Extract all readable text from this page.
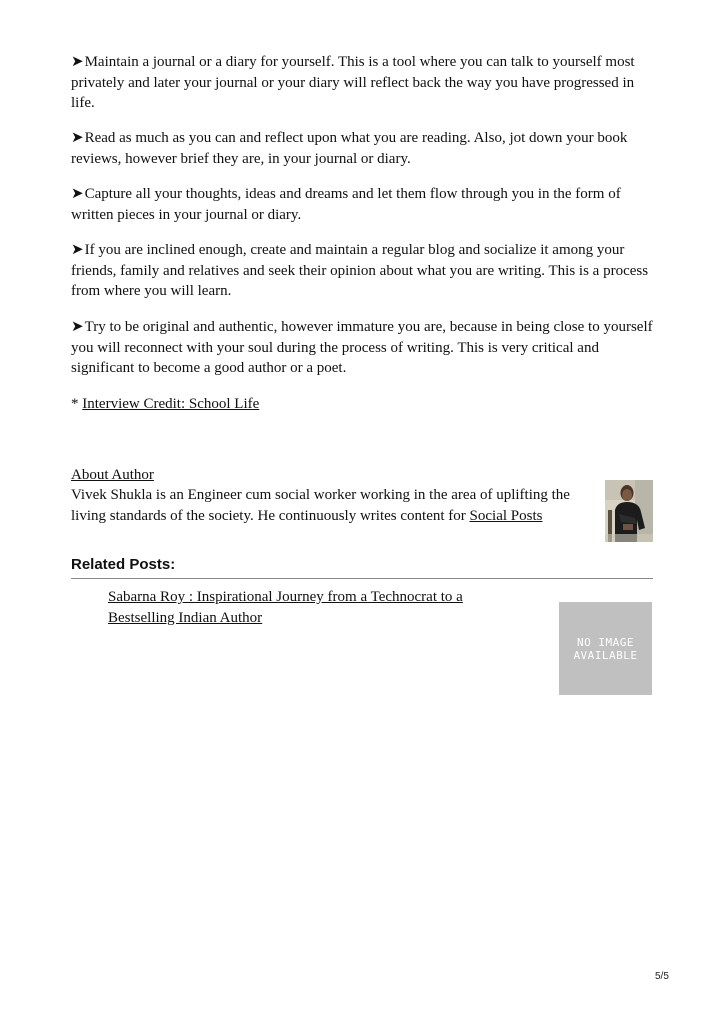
➤Maintain a journal or a diary for yourself. This is a tool where you can talk to yourself most privately and later your journal or your diary will reflect back the way you have progressed in life.

➤Read as much as you can and reflect upon what you are reading. Also, jot down your book reviews, however brief they are, in your journal or diary.

➤Capture all your thoughts, ideas and dreams and let them flow through you in the form of written pieces in your journal or diary.

➤If you are inclined enough, create and maintain a regular blog and socialize it among your friends, family and relatives and seek their opinion about what you are writing. This is a process from where you will learn.

➤Try to be original and authentic, however immature you are, because in being close to yourself you will reconnect with your soul during the process of writing. This is very critical and significant to become a good author or a poet.

* Interview Credit: School Life

About Author
Vivek Shukla is an Engineer cum social worker working in the area of uplifting the living standards of the society. He continuously writes content for Social Posts
Related Posts:
Sabarna Roy : Inspirational Journey from a Technocrat to a Bestselling Indian Author
NO IMAGE AVAILABLE
5/5
